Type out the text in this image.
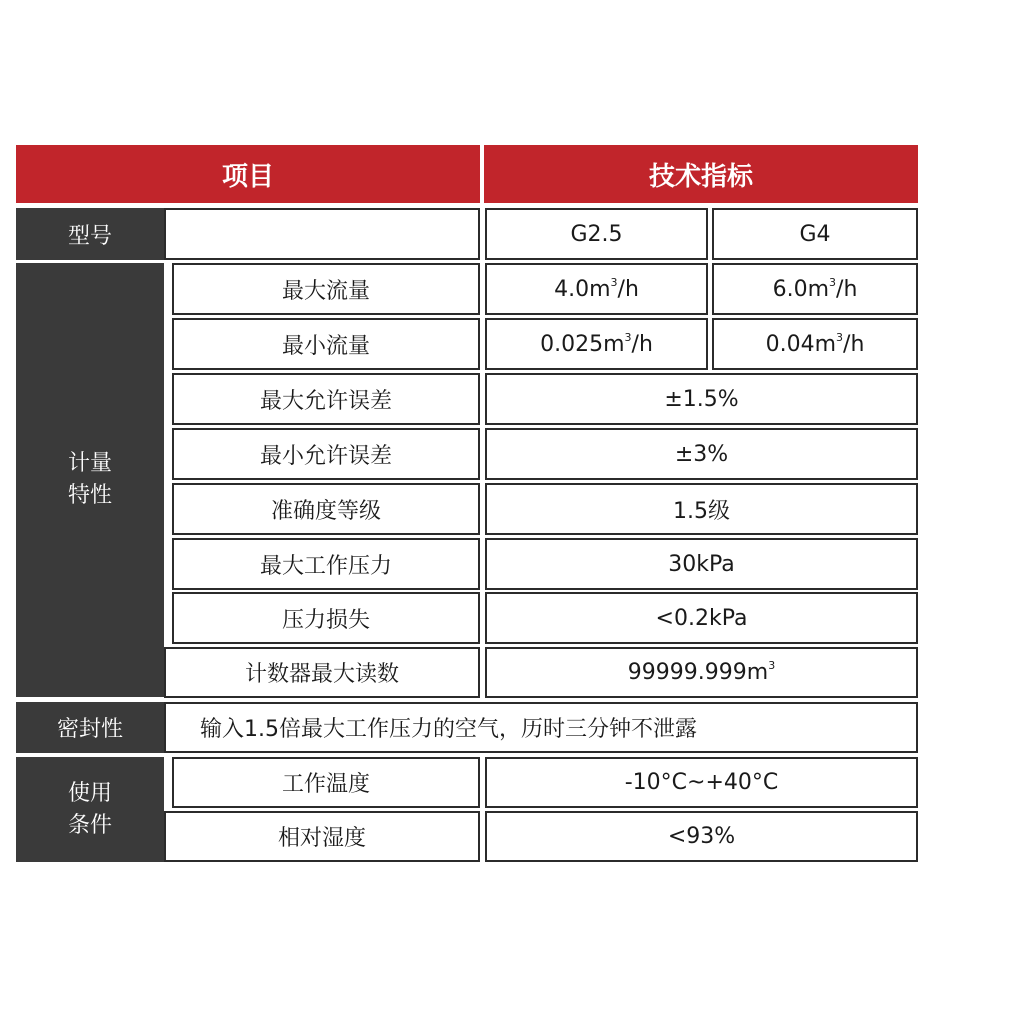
项目	技术指标
型号	G2.5	G4
计量
特性
最大流量	$4.0m^3/h$	$6.0m^3/h$
最小流量	$0.025m^3/h$	$0.04m^3/h$
最大允许误差	±1.5%
最小允许误差	±3%
准确度等级	1.5级
最大工作压力	30kPa
压力损失	<0.2kPa
计数器最大读数	$99999.999m^3$
密封性	输入1.5倍最大工作压力的空气，历时三分钟不泄露
使用
条件
工作温度	-10°C~+40°C
相对湿度	<93%
